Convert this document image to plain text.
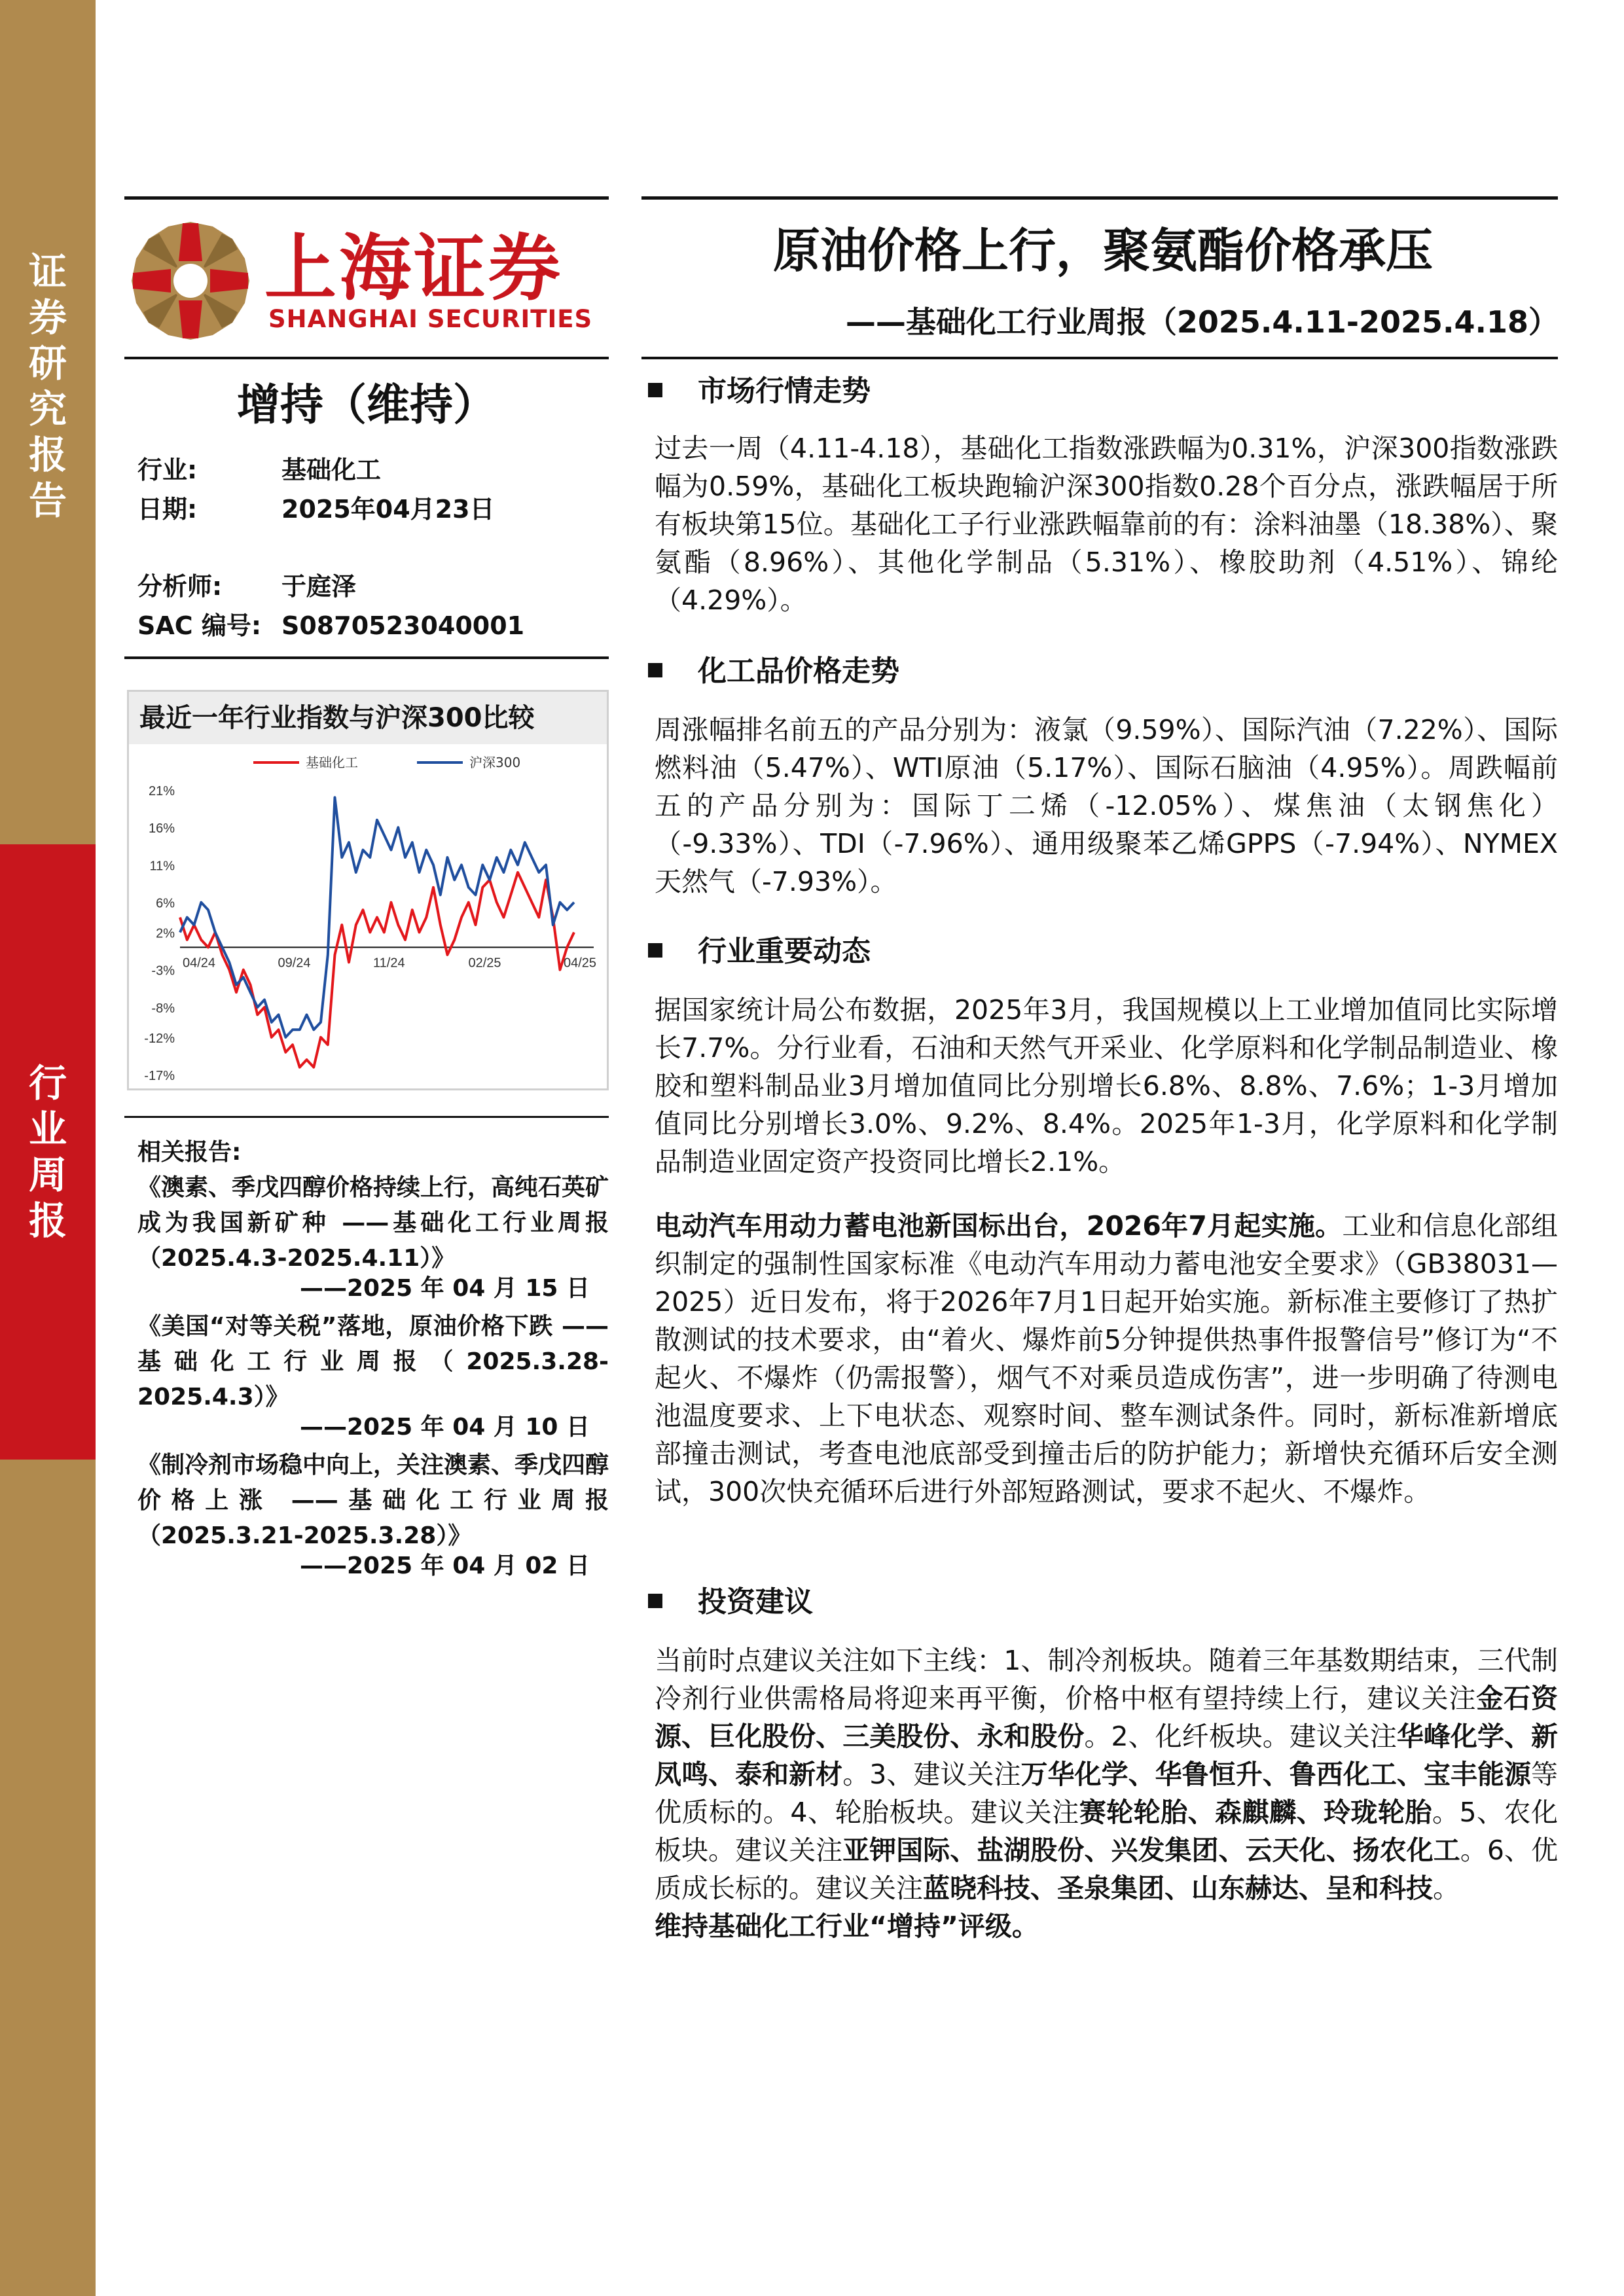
证
券
研
究
报
告
行
业
周
报
上海证券
SHANGHAI SECURITIES
原油价格上行，聚氨酯价格承压
——基础化工行业周报（2025.4.11-2025.4.18）
增持（维持）
行业:	基础化工
日期:	2025年04月23日
分析师: 于庭泽
SAC 编号: S0870523040001
最近一年行业指数与沪深300比较
21%
16%
11%
6%
2%
-3%
-8%
-12%
-17%
04/24	09/24	11/24	02/25	04/25
基础化工	沪深300
相关报告:
《澳素、季戊四醇价格持续上行，高纯石英矿成为我国新矿种 ——基础化工行业周报（2025.4.3-2025.4.11）》
——2025 年 04 月 15 日
《美国“对等关税”落地，原油价格下跌 ——基础化工行业周报（2025.3.28-2025.4.3）》
——2025 年 04 月 10 日
《制冷剂市场稳中向上，关注澳素、季戊四醇价格上涨 ——基础化工行业周报（2025.3.21-2025.3.28）》
——2025 年 04 月 02 日
市场行情走势
过去一周（4.11-4.18），基础化工指数涨跌幅为0.31%，沪深300指数涨跌幅为0.59%，基础化工板块跑输沪深300指数0.28个百分点，涨跌幅居于所有板块第15位。基础化工子行业涨跌幅靠前的有：涂料油墨（18.38%）、聚氨酯（8.96%）、其他化学制品（5.31%）、橡胶助剂（4.51%）、锦纶（4.29%）。
化工品价格走势
周涨幅排名前五的产品分别为：液氯（9.59%）、国际汽油（7.22%）、国际燃料油（5.47%）、WTI原油（5.17%）、国际石脑油（4.95%）。周跌幅前五的产品分别为：国际丁二烯（-12.05%）、煤焦油（太钢焦化）（-9.33%）、TDI（-7.96%）、通用级聚苯乙烯GPPS（-7.94%）、NYMEX天然气（-7.93%）。
行业重要动态
据国家统计局公布数据，2025年3月，我国规模以上工业增加值同比实际增长7.7%。分行业看，石油和天然气开采业、化学原料和化学制品制造业、橡胶和塑料制品业3月增加值同比分别增长6.8%、8.8%、7.6%；1-3月增加值同比分别增长3.0%、9.2%、8.4%。2025年1-3月，化学原料和化学制品制造业固定资产投资同比增长2.1%。
电动汽车用动力蓄电池新国标出台，2026年7月起实施。工业和信息化部组织制定的强制性国家标准《电动汽车用动力蓄电池安全要求》（GB38031—2025）近日发布，将于2026年7月1日起开始实施。新标准主要修订了热扩散测试的技术要求，由“着火、爆炸前5分钟提供热事件报警信号”修订为“不起火、不爆炸（仍需报警），烟气不对乘员造成伤害”，进一步明确了待测电池温度要求、上下电状态、观察时间、整车测试条件。同时，新标准新增底部撞击测试，考查电池底部受到撞击后的防护能力；新增快充循环后安全测试，300次快充循环后进行外部短路测试，要求不起火、不爆炸。
投资建议
当前时点建议关注如下主线：1、制冷剂板块。随着三年基数期结束，三代制冷剂行业供需格局将迎来再平衡，价格中枢有望持续上行，建议关注金石资源、巨化股份、三美股份、永和股份。2、化纤板块。建议关注华峰化学、新凤鸣、泰和新材。3、建议关注万华化学、华鲁恒升、鲁西化工、宝丰能源等优质标的。4、轮胎板块。建议关注赛轮轮胎、森麒麟、玲珑轮胎。5、农化板块。建议关注亚钾国际、盐湖股份、兴发集团、云天化、扬农化工。6、优质成长标的。建议关注蓝晓科技、圣泉集团、山东赫达、呈和科技。
维持基础化工行业“增持”评级。
